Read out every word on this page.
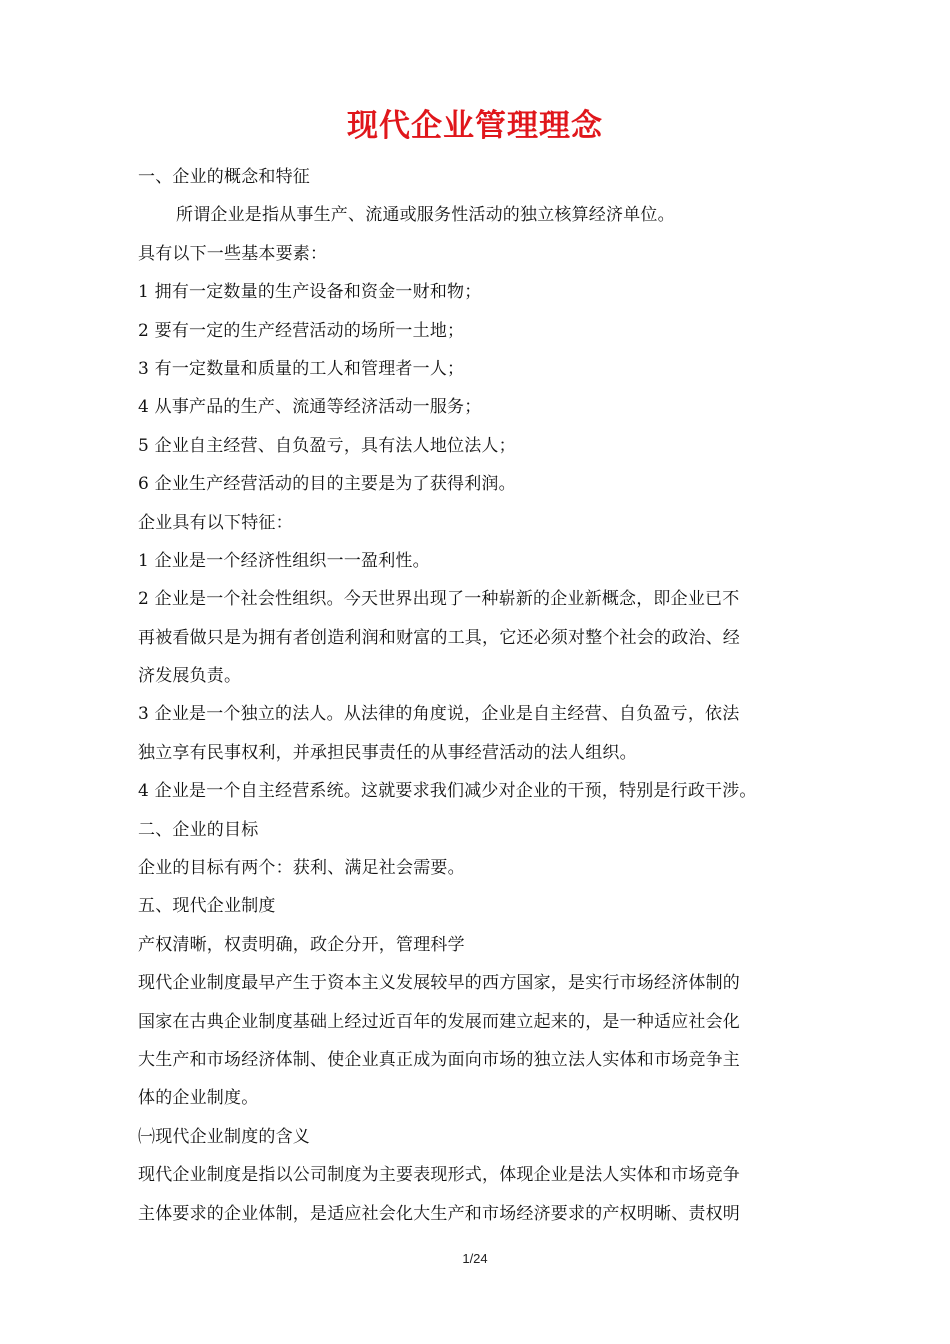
现代企业管理理念
一、企业的概念和特征
所谓企业是指从事生产、流通或服务性活动的独立核算经济单位。
具有以下一些基本要素：
1 拥有一定数量的生产设备和资金一财和物；
2 要有一定的生产经营活动的场所一土地；
3 有一定数量和质量的工人和管理者一人；
4 从事产品的生产、流通等经济活动一服务；
5 企业自主经营、自负盈亏，具有法人地位法人；
6 企业生产经营活动的目的主要是为了获得利润。
企业具有以下特征：
1 企业是一个经济性组织一一盈利性。
2 企业是一个社会性组织。今天世界出现了一种崭新的企业新概念，即企业已不
再被看做只是为拥有者创造利润和财富的工具，它还必须对整个社会的政治、经
济发展负责。
3 企业是一个独立的法人。从法律的角度说，企业是自主经营、自负盈亏，依法
独立享有民事权利，并承担民事责任的从事经营活动的法人组织。
4 企业是一个自主经营系统。这就要求我们减少对企业的干预，特别是行政干涉。
二、企业的目标
企业的目标有两个：获利、满足社会需要。
五、现代企业制度
产权清晰，权责明确，政企分开，管理科学
现代企业制度最早产生于资本主义发展较早的西方国家，是实行市场经济体制的
国家在古典企业制度基础上经过近百年的发展而建立起来的，是一种适应社会化
大生产和市场经济体制、使企业真正成为面向市场的独立法人实体和市场竞争主
体的企业制度。
㈠现代企业制度的含义
现代企业制度是指以公司制度为主要表现形式，体现企业是法人实体和市场竞争
主体要求的企业体制，是适应社会化大生产和市场经济要求的产权明晰、责权明
1/24
